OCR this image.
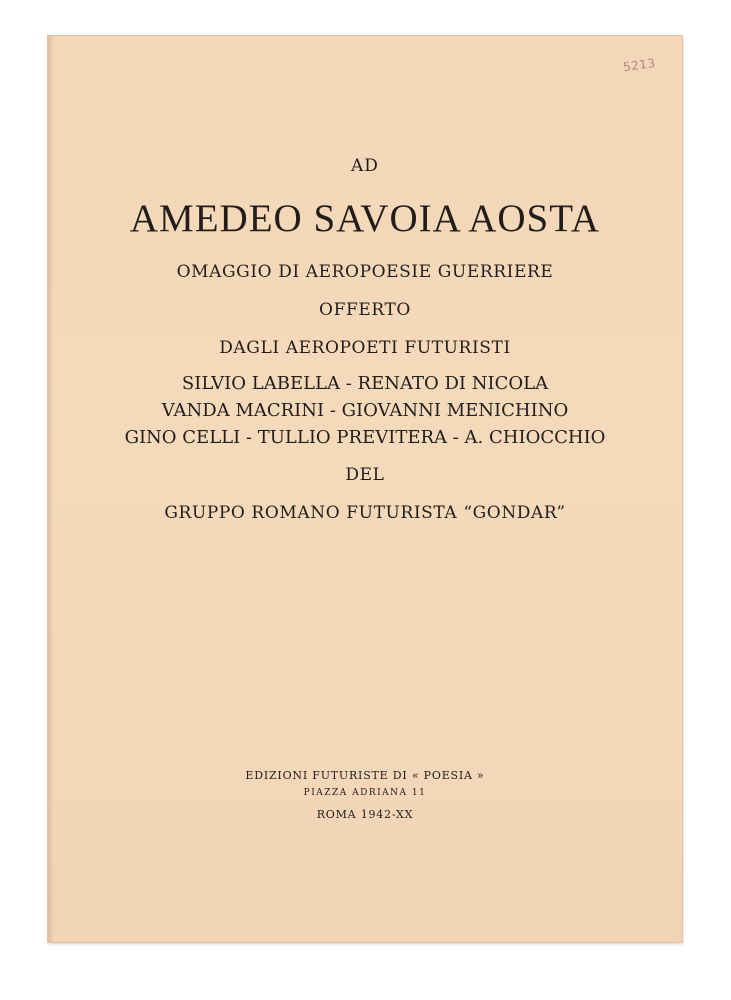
5213
AD
AMEDEO SAVOIA AOSTA
OMAGGIO DI AEROPOESIE GUERRIERE
OFFERTO
DAGLI AEROPOETI FUTURISTI
SILVIO LABELLA - RENATO DI NICOLA
VANDA MACRINI - GIOVANNI MENICHINO
GINO CELLI - TULLIO PREVITERA - A. CHIOCCHIO
DEL
GRUPPO ROMANO FUTURISTA “GONDAR”
EDIZIONI FUTURISTE DI « POESIA »
PIAZZA ADRIANA 11
ROMA 1942-XX
